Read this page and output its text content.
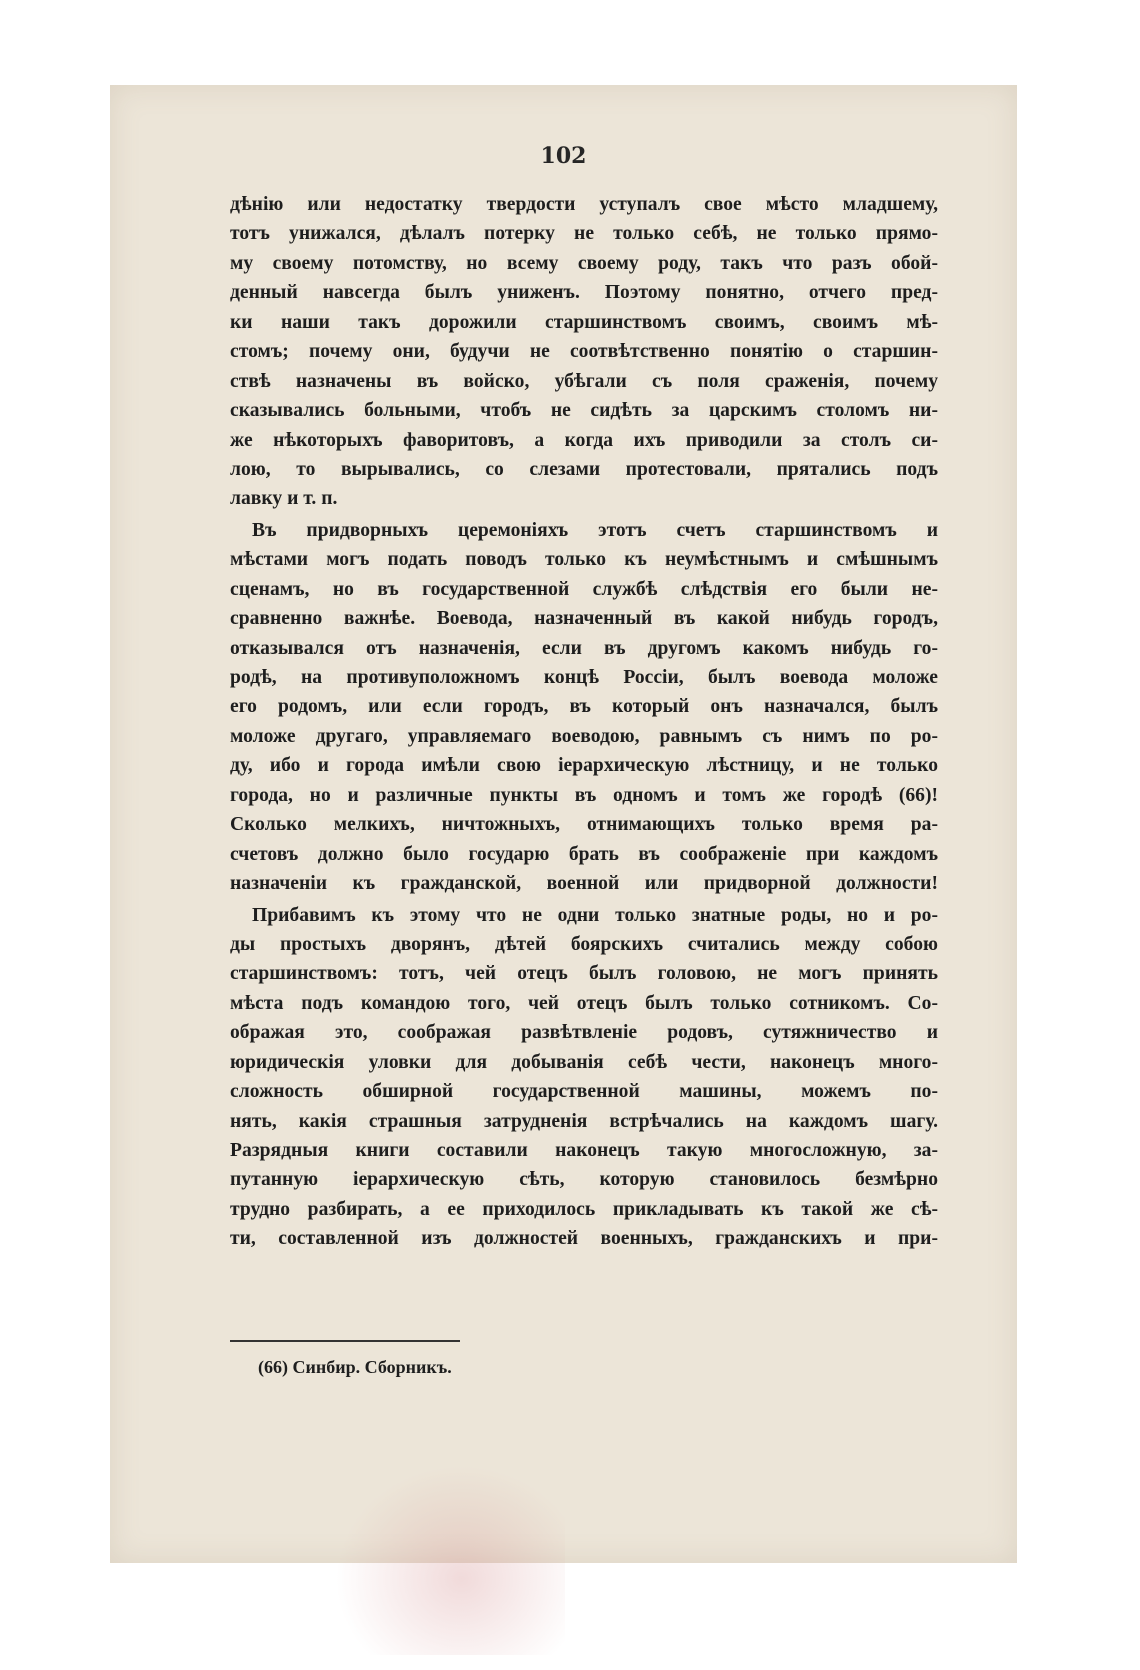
102

дѣнію или недостатку твердости уступалъ свое мѣсто младшему,
тотъ унижался, дѣлалъ потерку не только себѣ, не только прямо-
му своему потомству, но всему своему роду, такъ что разъ обой-
денный навсегда былъ униженъ. Поэтому понятно, отчего пред-
ки наши такъ дорожили старшинствомъ своимъ, своимъ мѣ-
стомъ; почему они, будучи не соотвѣтственно понятію о старшин-
ствѣ назначены въ войско, убѣгали съ поля сраженія, почему
сказывались больными, чтобъ не сидѣть за царскимъ столомъ ни-
же нѣкоторыхъ фаворитовъ, а когда ихъ приводили за столъ си-
лою, то вырывались, со слезами протестовали, прятались подъ
лавку и т. п.
Въ придворныхъ церемоніяхъ этотъ счетъ старшинствомъ и
мѣстами могъ подать поводъ только къ неумѣстнымъ и смѣшнымъ
сценамъ, но въ государственной службѣ слѣдствія его были не-
сравненно важнѣе. Воевода, назначенный въ какой нибудь городъ,
отказывался отъ назначенія, если въ другомъ какомъ нибудь го-
родѣ, на противуположномъ концѣ Россіи, былъ воевода моложе
его родомъ, или если городъ, въ который онъ назначался, былъ
моложе другаго, управляемаго воеводою, равнымъ съ нимъ по ро-
ду, ибо и города имѣли свою іерархическую лѣстницу, и не только
города, но и различные пункты въ одномъ и томъ же городѣ (66)!
Сколько мелкихъ, ничтожныхъ, отнимающихъ только время ра-
счетовъ должно было государю брать въ соображеніе при каждомъ
назначеніи къ гражданской, военной или придворной должности!
Прибавимъ къ этому что не одни только знатные роды, но и ро-
ды простыхъ дворянъ, дѣтей боярскихъ считались между собою
старшинствомъ: тотъ, чей отецъ былъ головою, не могъ принять
мѣста подъ командою того, чей отецъ былъ только сотникомъ. Со-
ображая это, соображая развѣтвленіе родовъ, сутяжничество и
юридическія уловки для добыванія себѣ чести, наконецъ много-
сложность обширной государственной машины, можемъ по-
нять, какія страшныя затрудненія встрѣчались на каждомъ шагу.
Разрядныя книги составили наконецъ такую многосложную, за-
путанную іерархическую сѣть, которую становилось безмѣрно
трудно разбирать, а ее приходилось прикладывать къ такой же сѣ-
ти, составленной изъ должностей военныхъ, гражданскихъ и при-

(66) Синбир. Сборникъ.
